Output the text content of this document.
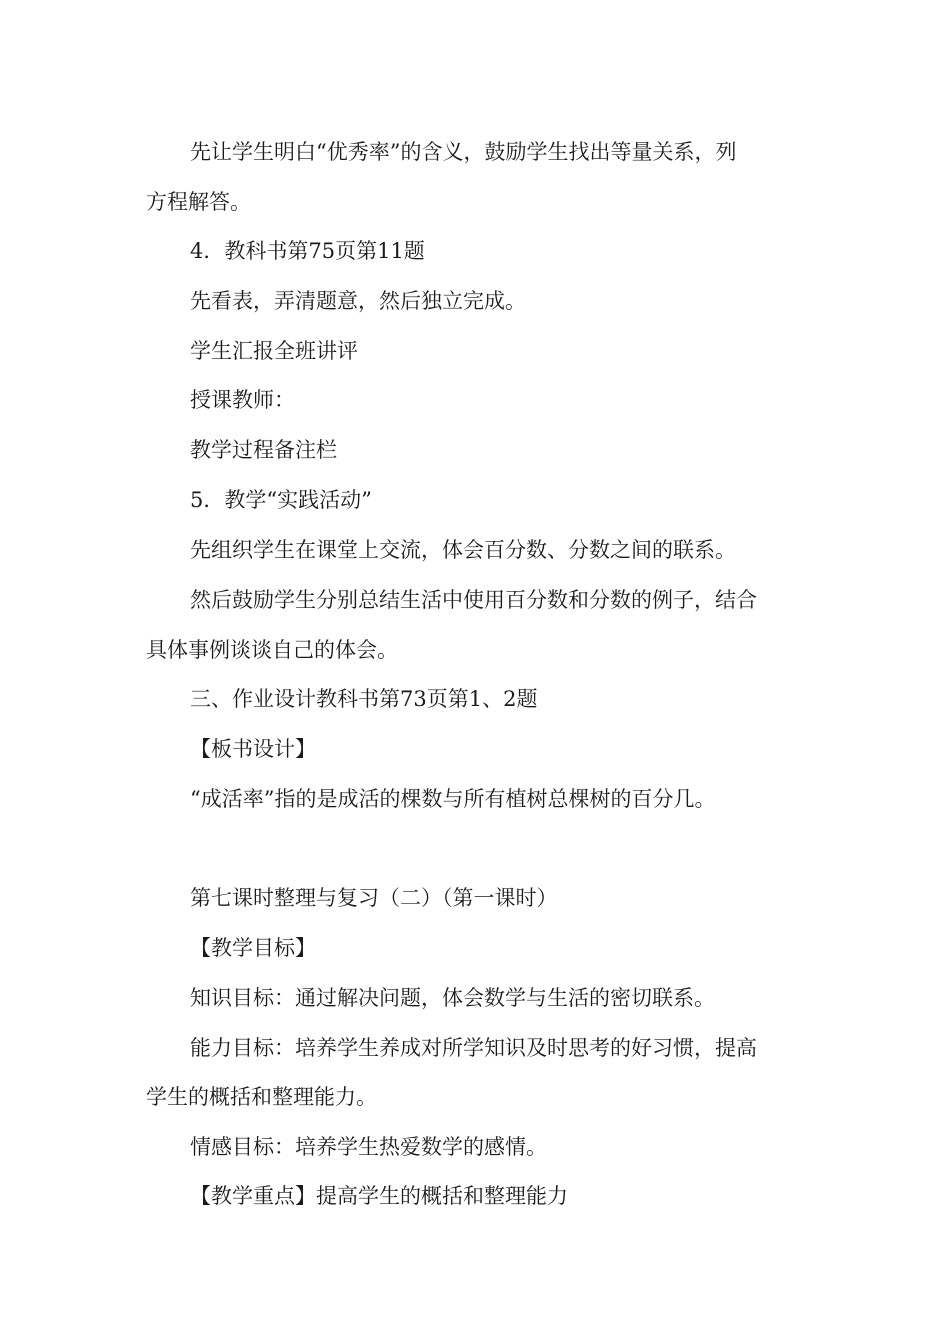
先让学生明白“优秀率”的含义，鼓励学生找出等量关系，列
方程解答。
4．教科书第75页第11题
先看表，弄清题意，然后独立完成。
学生汇报全班讲评
授课教师：
教学过程备注栏
5．教学“实践活动”
先组织学生在课堂上交流，体会百分数、分数之间的联系。
然后鼓励学生分别总结生活中使用百分数和分数的例子，结合
具体事例谈谈自己的体会。
三、作业设计教科书第73页第1、2题
【板书设计】
“成活率”指的是成活的棵数与所有植树总棵树的百分几。
第七课时整理与复习（二）（第一课时）
【教学目标】
知识目标：通过解决问题，体会数学与生活的密切联系。
能力目标：培养学生养成对所学知识及时思考的好习惯，提高
学生的概括和整理能力。
情感目标：培养学生热爱数学的感情。
【教学重点】提高学生的概括和整理能力
